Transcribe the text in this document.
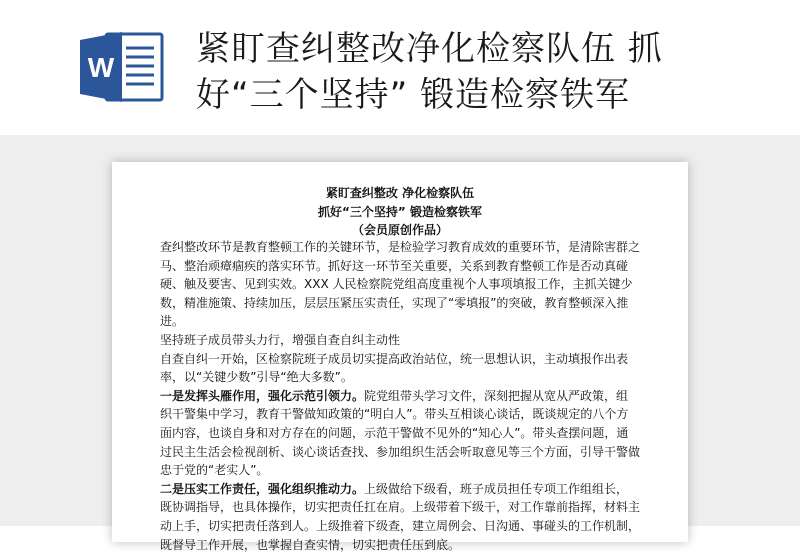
W 紧盯查纠整改净化检察队伍 抓
好“三个坚持” 锻造检察铁军
紧盯查纠整改 净化检察队伍
抓好“三个坚持” 锻造检察铁军
（会员原创作品）

查纠整改环节是教育整顿工作的关键环节，是检验学习教育成效的重要环节，是清除害群之马、整治顽瘴痼疾的落实环节。抓好这一环节至关重要，关系到教育整顿工作是否动真碰硬、触及要害、见到实效。XXX 人民检察院党组高度重视个人事项填报工作，主抓关键少数，精准施策、持续加压，层层压紧压实责任，实现了“零填报”的突破，教育整顿深入推进。

坚持班子成员带头力行，增强自查自纠主动性

自查自纠一开始，区检察院班子成员切实提高政治站位，统一思想认识，主动填报作出表率，以“关键少数”引导“绝大多数”。

一是发挥头雁作用，强化示范引领力。院党组带头学习文件，深刻把握从宽从严政策，组织干警集中学习，教育干警做知政策的“明白人”。带头互相谈心谈话，既谈规定的八个方面内容，也谈自身和对方存在的问题，示范干警做不见外的“知心人”。带头查摆问题，通过民主生活会检视剖析、谈心谈话查找、参加组织生活会听取意见等三个方面，引导干警做忠于党的“老实人”。

二是压实工作责任，强化组织推动力。上级做给下级看，班子成员担任专项工作组组长，既协调指导，也具体操作，切实把责任扛在肩。上级带着下级干，对工作靠前指挥，材料主动上手，切实把责任落到人。上级推着下级查，建立周例会、日沟通、事碰头的工作机制，既督导工作开展，也掌握自查实情，切实把责任压到底。
